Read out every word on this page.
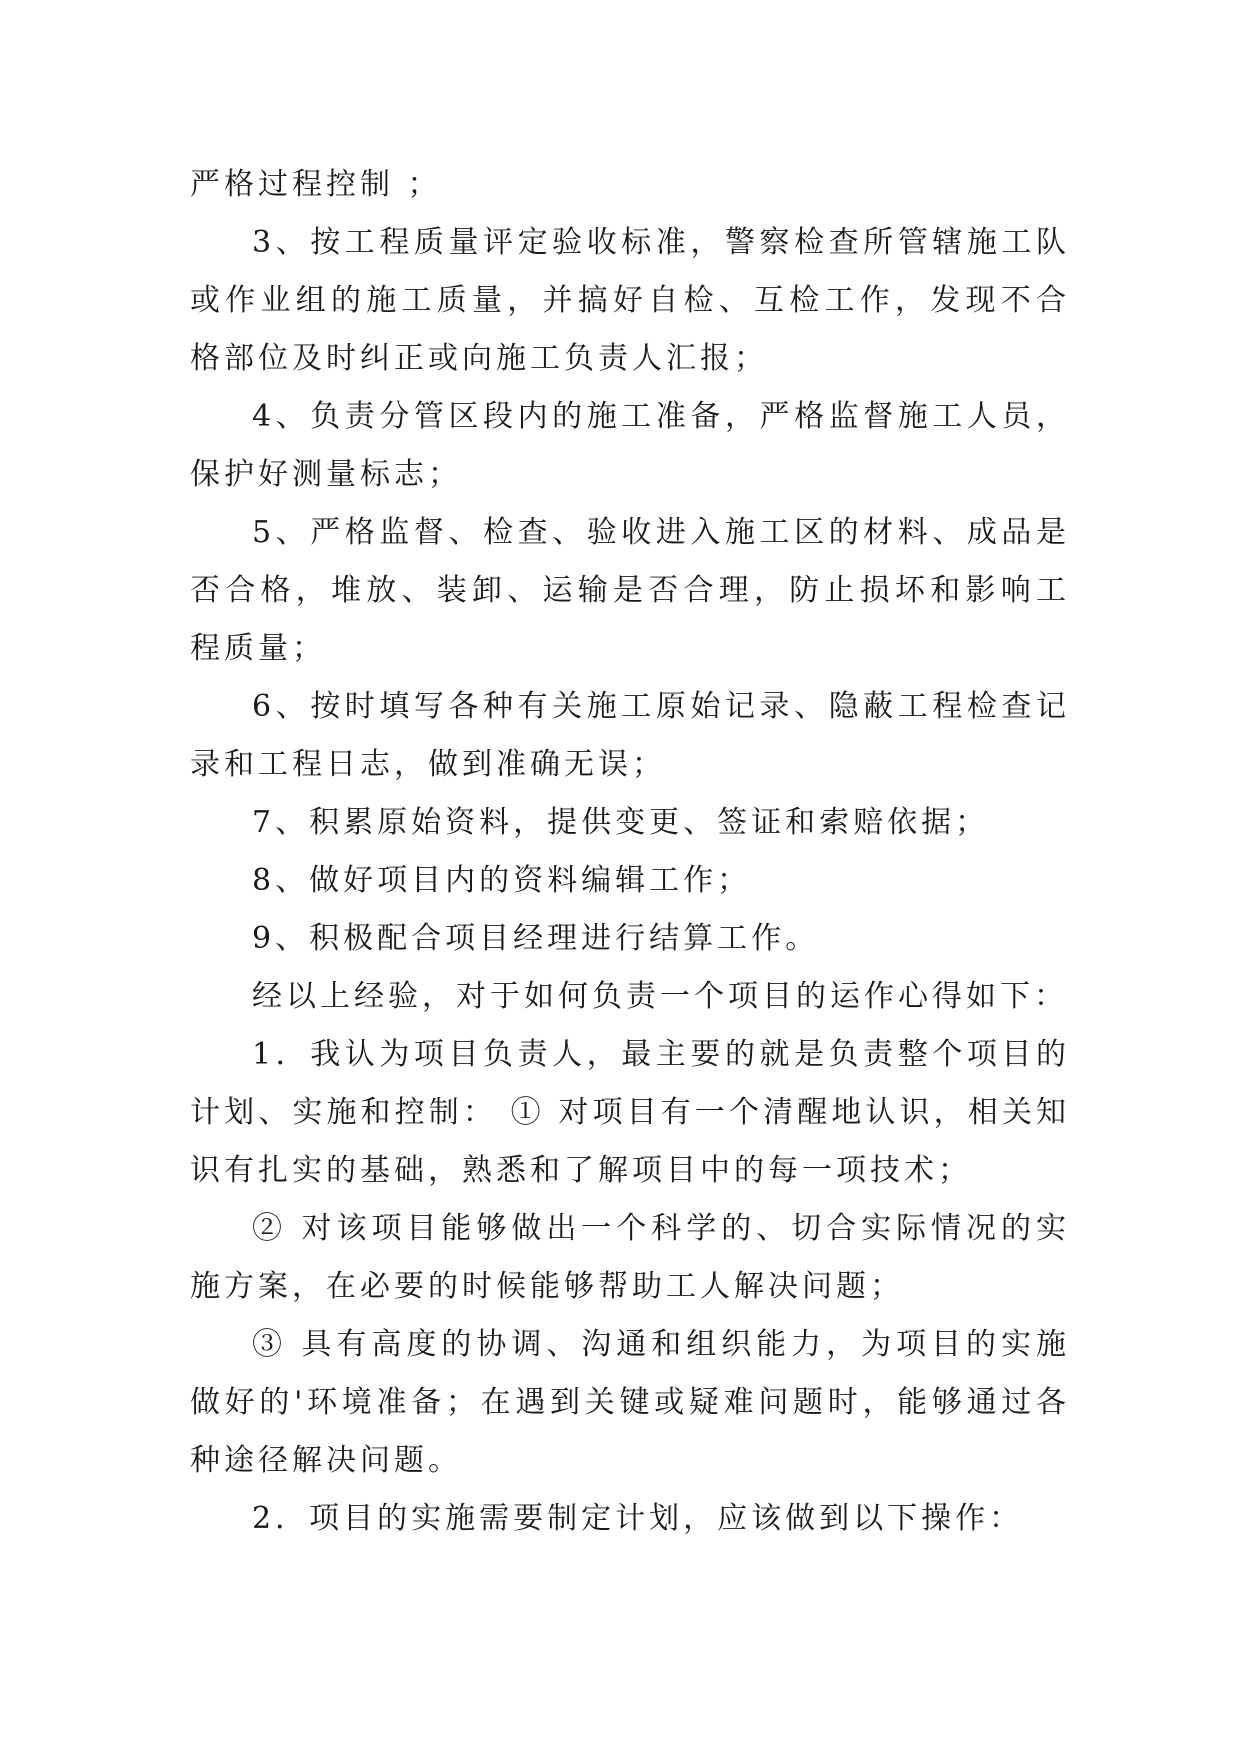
严格过程控制 ；

3、按工程质量评定验收标准，警察检查所管辖施工队或作业组的施工质量，并搞好自检、互检工作，发现不合格部位及时纠正或向施工负责人汇报；

4、负责分管区段内的施工准备，严格监督施工人员，保护好测量标志；

5、严格监督、检查、验收进入施工区的材料、成品是否合格，堆放、装卸、运输是否合理，防止损坏和影响工程质量；

6、按时填写各种有关施工原始记录、隐蔽工程检查记录和工程日志，做到准确无误；

7、积累原始资料，提供变更、签证和索赔依据；

8、做好项目内的资料编辑工作；

9、积极配合项目经理进行结算工作。

经以上经验，对于如何负责一个项目的运作心得如下：

1．我认为项目负责人，最主要的就是负责整个项目的计划、实施和控制： ① 对项目有一个清醒地认识，相关知识有扎实的基础，熟悉和了解项目中的每一项技术；

② 对该项目能够做出一个科学的、切合实际情况的实施方案，在必要的时候能够帮助工人解决问题；

③ 具有高度的协调、沟通和组织能力，为项目的实施做好的'环境准备；在遇到关键或疑难问题时，能够通过各种途径解决问题。

2．项目的实施需要制定计划，应该做到以下操作：
